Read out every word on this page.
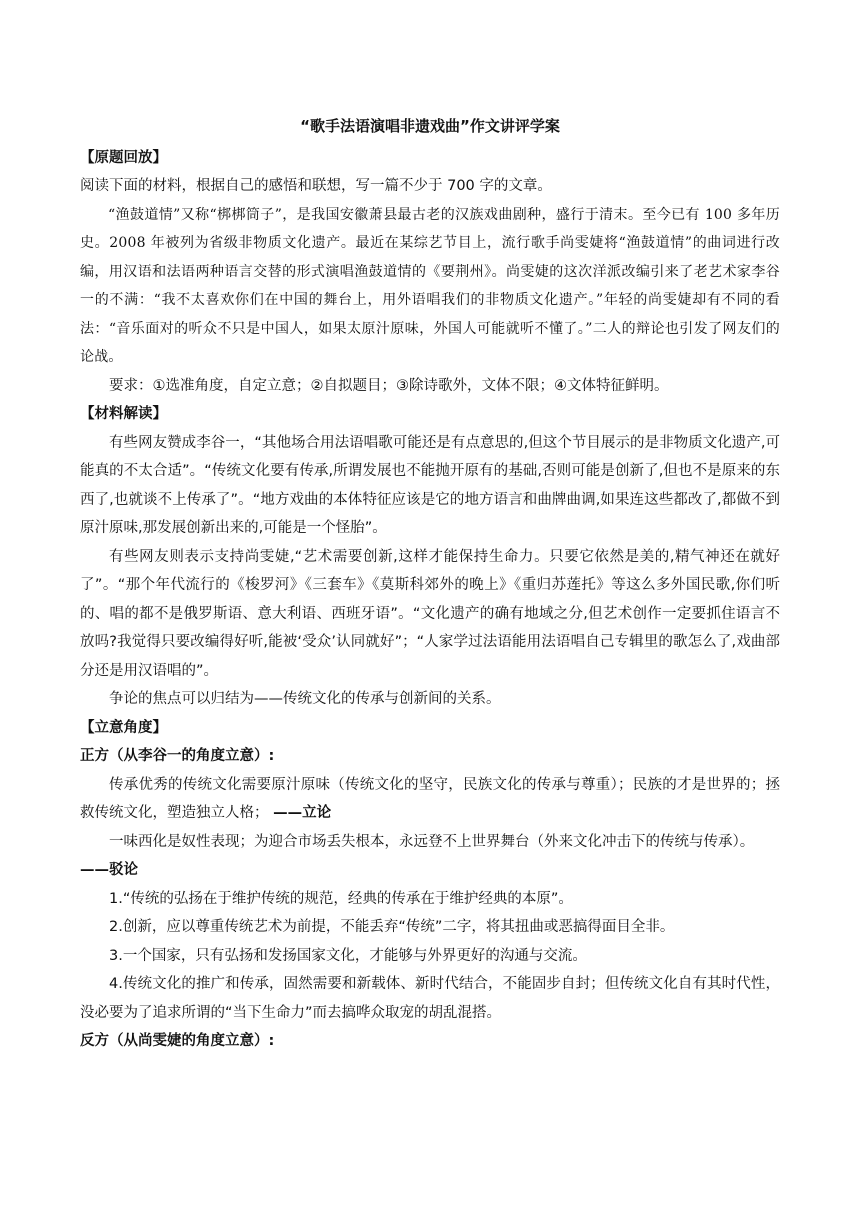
“歌手法语演唱非遗戏曲”作文讲评学案

【原题回放】

阅读下面的材料，根据自己的感悟和联想，写一篇不少于 700 字的文章。

“渔鼓道情”又称“梆梆筒子”，是我国安徽萧县最古老的汉族戏曲剧种，盛行于清末。至今已有 100 多年历史。2008 年被列为省级非物质文化遗产。最近在某综艺节目上，流行歌手尚雯婕将“渔鼓道情”的曲词进行改编，用汉语和法语两种语言交替的形式演唱渔鼓道情的《要荆州》。尚雯婕的这次洋派改编引来了老艺术家李谷一的不满：“我不太喜欢你们在中国的舞台上，用外语唱我们的非物质文化遗产。”年轻的尚雯婕却有不同的看法：“音乐面对的听众不只是中国人，如果太原汁原味，外国人可能就听不懂了。”二人的辩论也引发了网友们的论战。

要求：①选准角度，自定立意；②自拟题目；③除诗歌外，文体不限；④文体特征鲜明。

【材料解读】

有些网友赞成李谷一，“其他场合用法语唱歌可能还是有点意思的,但这个节目展示的是非物质文化遗产,可能真的不太合适”。“传统文化要有传承,所谓发展也不能抛开原有的基础,否则可能是创新了,但也不是原来的东西了,也就谈不上传承了”。“地方戏曲的本体特征应该是它的地方语言和曲牌曲调,如果连这些都改了,都做不到原汁原味,那发展创新出来的,可能是一个怪胎”。

有些网友则表示支持尚雯婕,“艺术需要创新,这样才能保持生命力。只要它依然是美的,精气神还在就好了”。“那个年代流行的《梭罗河》《三套车》《莫斯科郊外的晚上》《重归苏莲托》等这么多外国民歌,你们听的、唱的都不是俄罗斯语、意大利语、西班牙语”。“文化遗产的确有地域之分,但艺术创作一定要抓住语言不放吗?我觉得只要改编得好听,能被‘受众’认同就好”；“人家学过法语能用法语唱自己专辑里的歌怎么了,戏曲部分还是用汉语唱的”。

争论的焦点可以归结为——传统文化的传承与创新间的关系。

【立意角度】

正方（从李谷一的角度立意）:

传承优秀的传统文化需要原汁原味（传统文化的坚守，民族文化的传承与尊重）；民族的才是世界的；拯救传统文化，塑造独立人格； ——立论

一味西化是奴性表现；为迎合市场丢失根本，永远登不上世界舞台（外来文化冲击下的传统与传承）。
——驳论

1.“传统的弘扬在于维护传统的规范，经典的传承在于维护经典的本原”。

2.创新，应以尊重传统艺术为前提，不能丢弃“传统”二字，将其扭曲或恶搞得面目全非。

3.一个国家，只有弘扬和发扬国家文化，才能够与外界更好的沟通与交流。

4.传统文化的推广和传承，固然需要和新载体、新时代结合，不能固步自封；但传统文化自有其时代性，没必要为了追求所谓的“当下生命力”而去搞哗众取宠的胡乱混搭。

反方（从尚雯婕的角度立意）:
